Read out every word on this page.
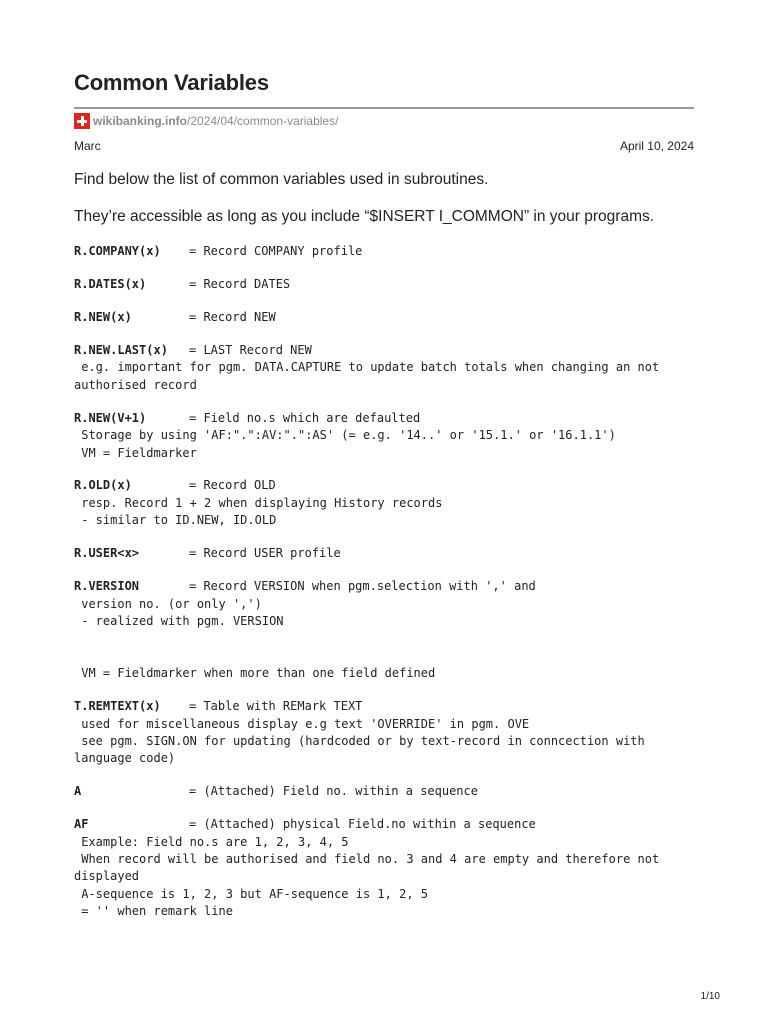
Common Variables
wikibanking.info /2024/04/common-variables/
Marc	April 10, 2024

Find below the list of common variables used in subroutines.

They’re accessible as long as you include “$INSERT I_COMMON” in your programs.

R.COMPANY(x) = Record COMPANY profile
R.DATES(x)	= Record DATES
R.NEW(x)	= Record NEW
R.NEW.LAST(x) = LAST Record NEW
e.g. important for pgm. DATA.CAPTURE to update batch totals when changing an not
authorised record
R.NEW(V+1)	= Field no.s which are defaulted
Storage by using 'AF:".":AV:".":AS' (= e.g. '14..' or '15.1.' or '16.1.1')
VM = Fieldmarker
R.OLD(x)	= Record OLD
resp. Record 1 + 2 when displaying History records
- similar to ID.NEW, ID.OLD
R.USER<x>	= Record USER profile
R.VERSION	= Record VERSION when pgm.selection with ',' and
version no. (or only ',')
- realized with pgm. VERSION
VM = Fieldmarker when more than one field defined
T.REMTEXT(x) = Table with REMark TEXT
used for miscellaneous display e.g text 'OVERRIDE' in pgm. OVE
see pgm. SIGN.ON for updating (hardcoded or by text-record in conncection with
language code)
A	= (Attached) Field no. within a sequence
AF	= (Attached) physical Field.no within a sequence
Example: Field no.s are 1, 2, 3, 4, 5
When record will be authorised and field no. 3 and 4 are empty and therefore not
displayed
A-sequence is 1, 2, 3 but AF-sequence is 1, 2, 5
= '' when remark line
1/10
